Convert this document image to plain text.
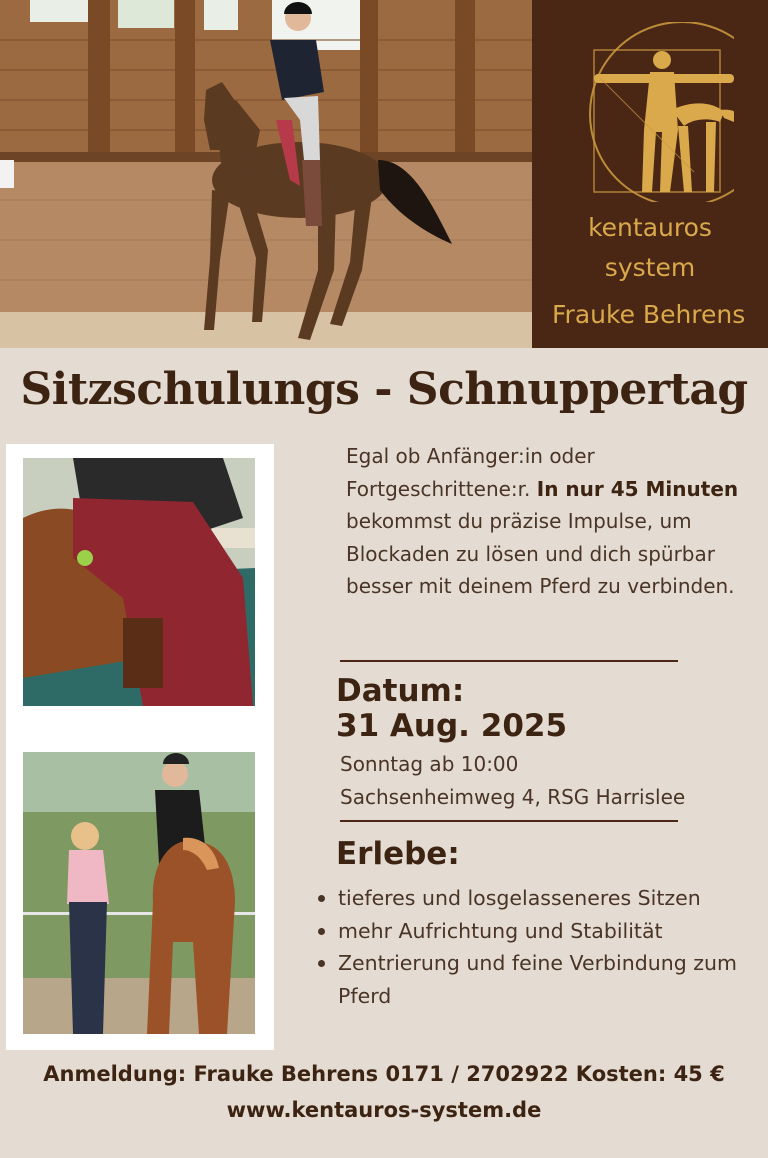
kentauros
system
Frauke Behrens
Sitzschulungs - Schnuppertag

Egal ob Anfänger:in oder Fortgeschrittene:r. In nur 45 Minuten bekommst du präzise Impulse, um Blockaden zu lösen und dich spürbar besser mit deinem Pferd zu verbinden.

Datum:
31 Aug. 2025
Sonntag ab 10:00
Sachsenheimweg 4, RSG Harrislee
Erlebe:
tieferes und losgelasseneres Sitzen
mehr Aufrichtung und Stabilität
Zentrierung und feine Verbindung zum Pferd
Anmeldung: Frauke Behrens 0171 / 2702922 Kosten: 45 €
www.kentauros-system.de
